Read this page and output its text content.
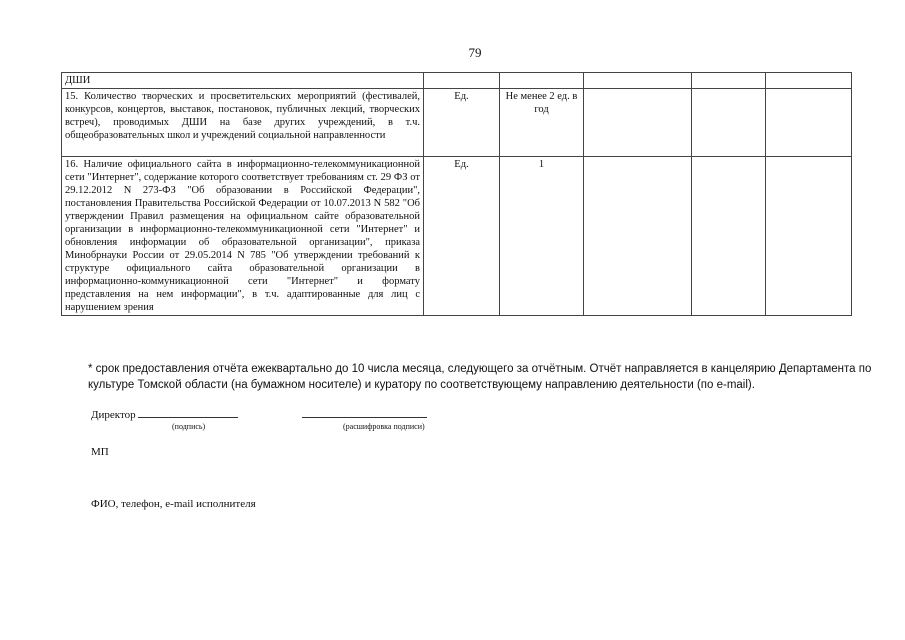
79
ДШИ					
15. Количество творческих и просветительских мероприятий (фестивалей, конкурсов, концертов, выставок, постановок, публичных лекций, творческих встреч), проводимых ДШИ на базе других учреждений, в т.ч. общеобразовательных школ и учреждений социальной направленности	Ед.	Не менее 2 ед. в год			
16. Наличие официального сайта в информационно-телекоммуникационной сети "Интернет", содержание которого соответствует требованиям ст. 29 ФЗ от 29.12.2012 N 273-ФЗ "Об образовании в Российской Федерации", постановления Правительства Российской Федерации от 10.07.2013 N 582 "Об утверждении Правил размещения на официальном сайте образовательной организации в информационно-телекоммуникационной сети "Интернет" и обновления информации об образовательной организации", приказа Минобрнауки России от 29.05.2014 N 785 "Об утверждении требований к структуре официального сайта образовательной организации в информационно-коммуникационной сети "Интернет" и формату представления на нем информации", в т.ч. адаптированные для лиц с нарушением зрения	Ед.	1			
* срок предоставления отчёта ежеквартально до 10 числа месяца, следующего за отчётным. Отчёт направляется в канцелярию Департамента по культуре Томской области (на бумажном носителе) и куратору по соответствующему направлению деятельности (по e-mail).
Директор
(подпись)	(расшифровка подписи)
МП
ФИО, телефон, e-mail исполнителя
